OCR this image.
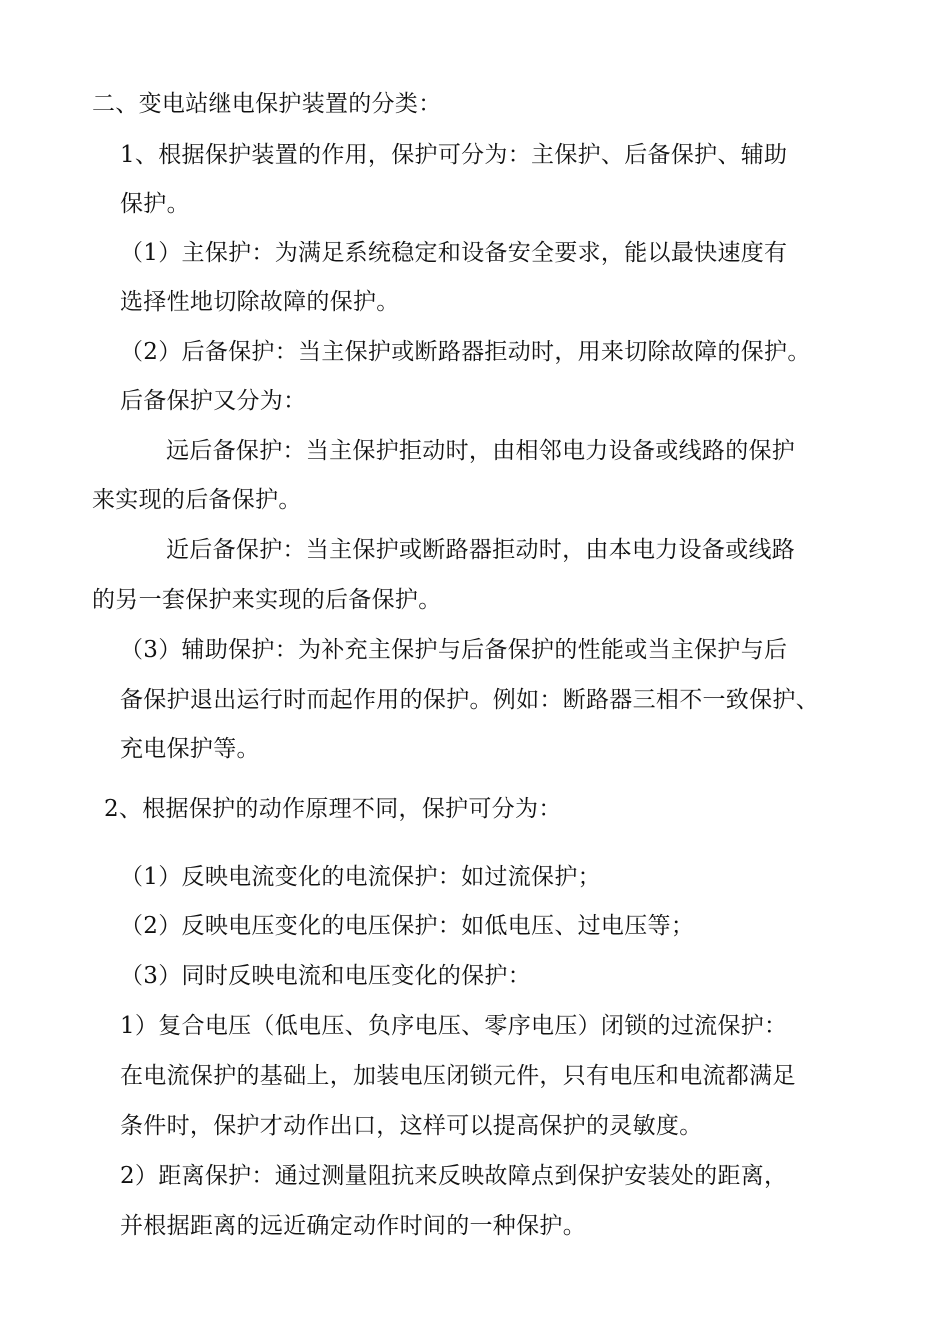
二、变电站继电保护装置的分类：
1、根据保护装置的作用，保护可分为：主保护、后备保护、辅助
保护。
（1）主保护：为满足系统稳定和设备安全要求，能以最快速度有
选择性地切除故障的保护。
（2）后备保护：当主保护或断路器拒动时，用来切除故障的保护。
后备保护又分为：
远后备保护：当主保护拒动时，由相邻电力设备或线路的保护
来实现的后备保护。
近后备保护：当主保护或断路器拒动时，由本电力设备或线路
的另一套保护来实现的后备保护。
（3）辅助保护：为补充主保护与后备保护的性能或当主保护与后
备保护退出运行时而起作用的保护。例如：断路器三相不一致保护、
充电保护等。
2、根据保护的动作原理不同，保护可分为：
（1）反映电流变化的电流保护：如过流保护；
（2）反映电压变化的电压保护：如低电压、过电压等；
（3）同时反映电流和电压变化的保护：
1）复合电压（低电压、负序电压、零序电压）闭锁的过流保护：
在电流保护的基础上，加装电压闭锁元件，只有电压和电流都满足
条件时，保护才动作出口，这样可以提高保护的灵敏度。
2）距离保护：通过测量阻抗来反映故障点到保护安装处的距离，
并根据距离的远近确定动作时间的一种保护。
